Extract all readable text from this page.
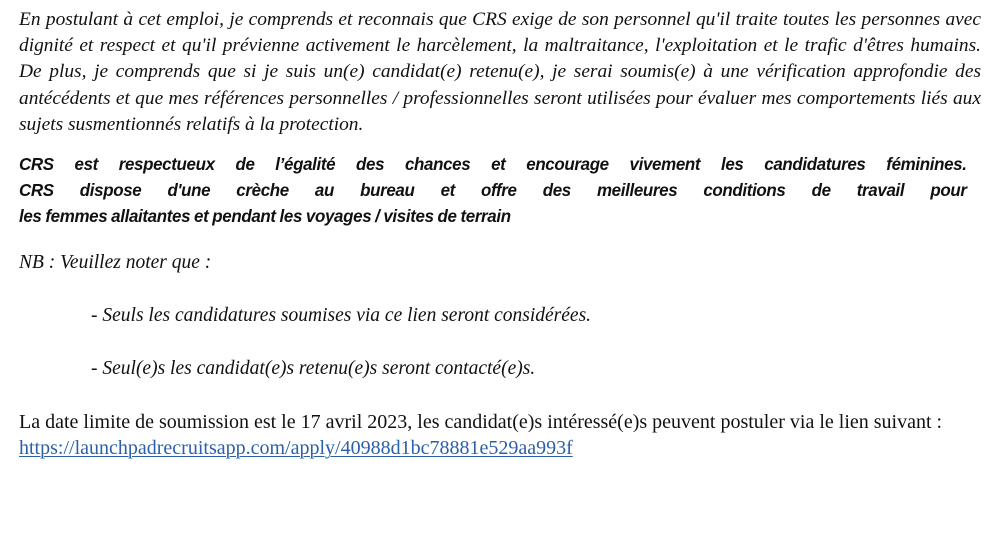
En postulant à cet emploi, je comprends et reconnais que CRS exige de son personnel qu'il traite toutes les personnes avec dignité et respect et qu'il prévienne activement le harcèlement, la maltraitance, l'exploitation et le trafic d'êtres humains. De plus, je comprends que si je suis un(e) candidat(e) retenu(e), je serai soumis(e) à une vérification approfondie des antécédents et que mes références personnelles / professionnelles seront utilisées pour évaluer mes comportements liés aux sujets susmentionnés relatifs à la protection.

CRS est respectueux de l’égalité des chances et encourage vivement les candidatures féminines.
CRS dispose d'une crèche au bureau et offre des meilleures conditions de travail pour
les femmes allaitantes et pendant les voyages / visites de terrain

NB : Veuillez noter que :

- Seuls les candidatures soumises via ce lien seront considérées.

- Seul(e)s les candidat(e)s retenu(e)s seront contacté(e)s.

La date limite de soumission est le 17 avril 2023, les candidat(e)s intéressé(e)s peuvent postuler via le lien suivant : https://launchpadrecruitsapp.com/apply/40988d1bc78881e529aa993f
